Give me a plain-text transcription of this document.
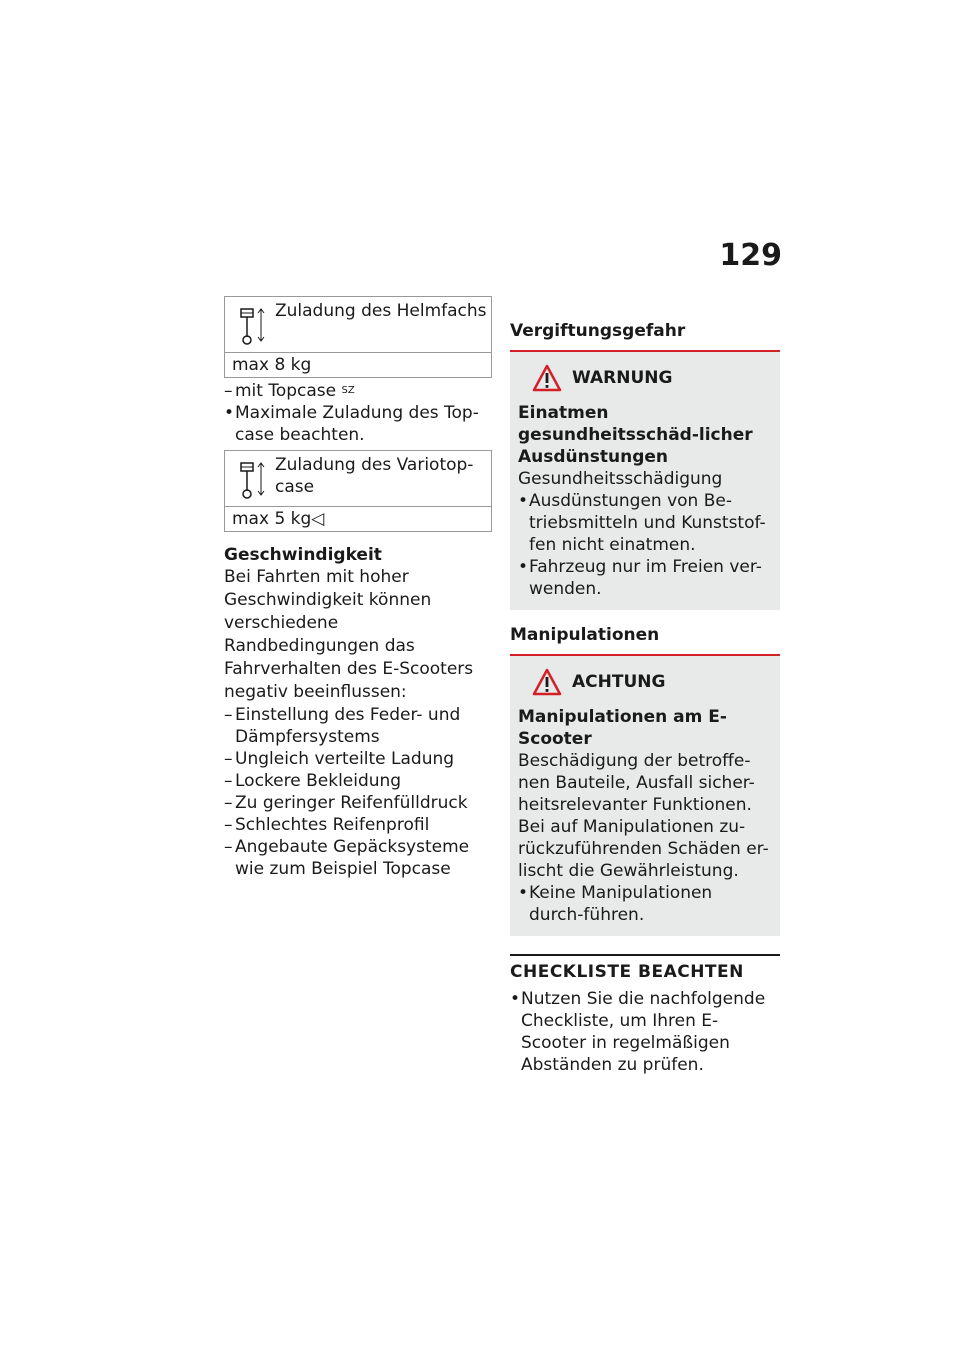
129
Zuladung des Helmfachs
max 8 kg
– mit Topcase $^{SZ}$
• Maximale Zuladung des Top-case beachten.
Zuladung des Variotop-case
max 5 kg◁
Geschwindigkeit
Bei Fahrten mit hoher Geschwindigkeit können verschiedene Randbedingungen das Fahrverhalten des E-Scooters negativ beeinflussen:
– Einstellung des Feder- und Dämpfersystems
– Ungleich verteilte Ladung
– Lockere Bekleidung
– Zu geringer Reifenfülldruck
– Schlechtes Reifenprofil
– Angebaute Gepäcksysteme wie zum Beispiel Topcase
Vergiftungsgefahr
WARNUNG
Einatmen gesundheitsschäd-licher Ausdünstungen
Gesundheitsschädigung
• Ausdünstungen von Be-triebsmitteln und Kunststof-fen nicht einatmen.
• Fahrzeug nur im Freien ver-wenden.
Manipulationen
ACHTUNG
Manipulationen am E-Scooter
Beschädigung der betroffe-nen Bauteile, Ausfall sicher-heitsrelevanter Funktionen. Bei auf Manipulationen zu-rückzuführenden Schäden er-lischt die Gewährleistung.
• Keine Manipulationen durch-führen.
CHECKLISTE BEACHTEN
• Nutzen Sie die nachfolgende Checkliste, um Ihren E-Scooter in regelmäßigen Abständen zu prüfen.
